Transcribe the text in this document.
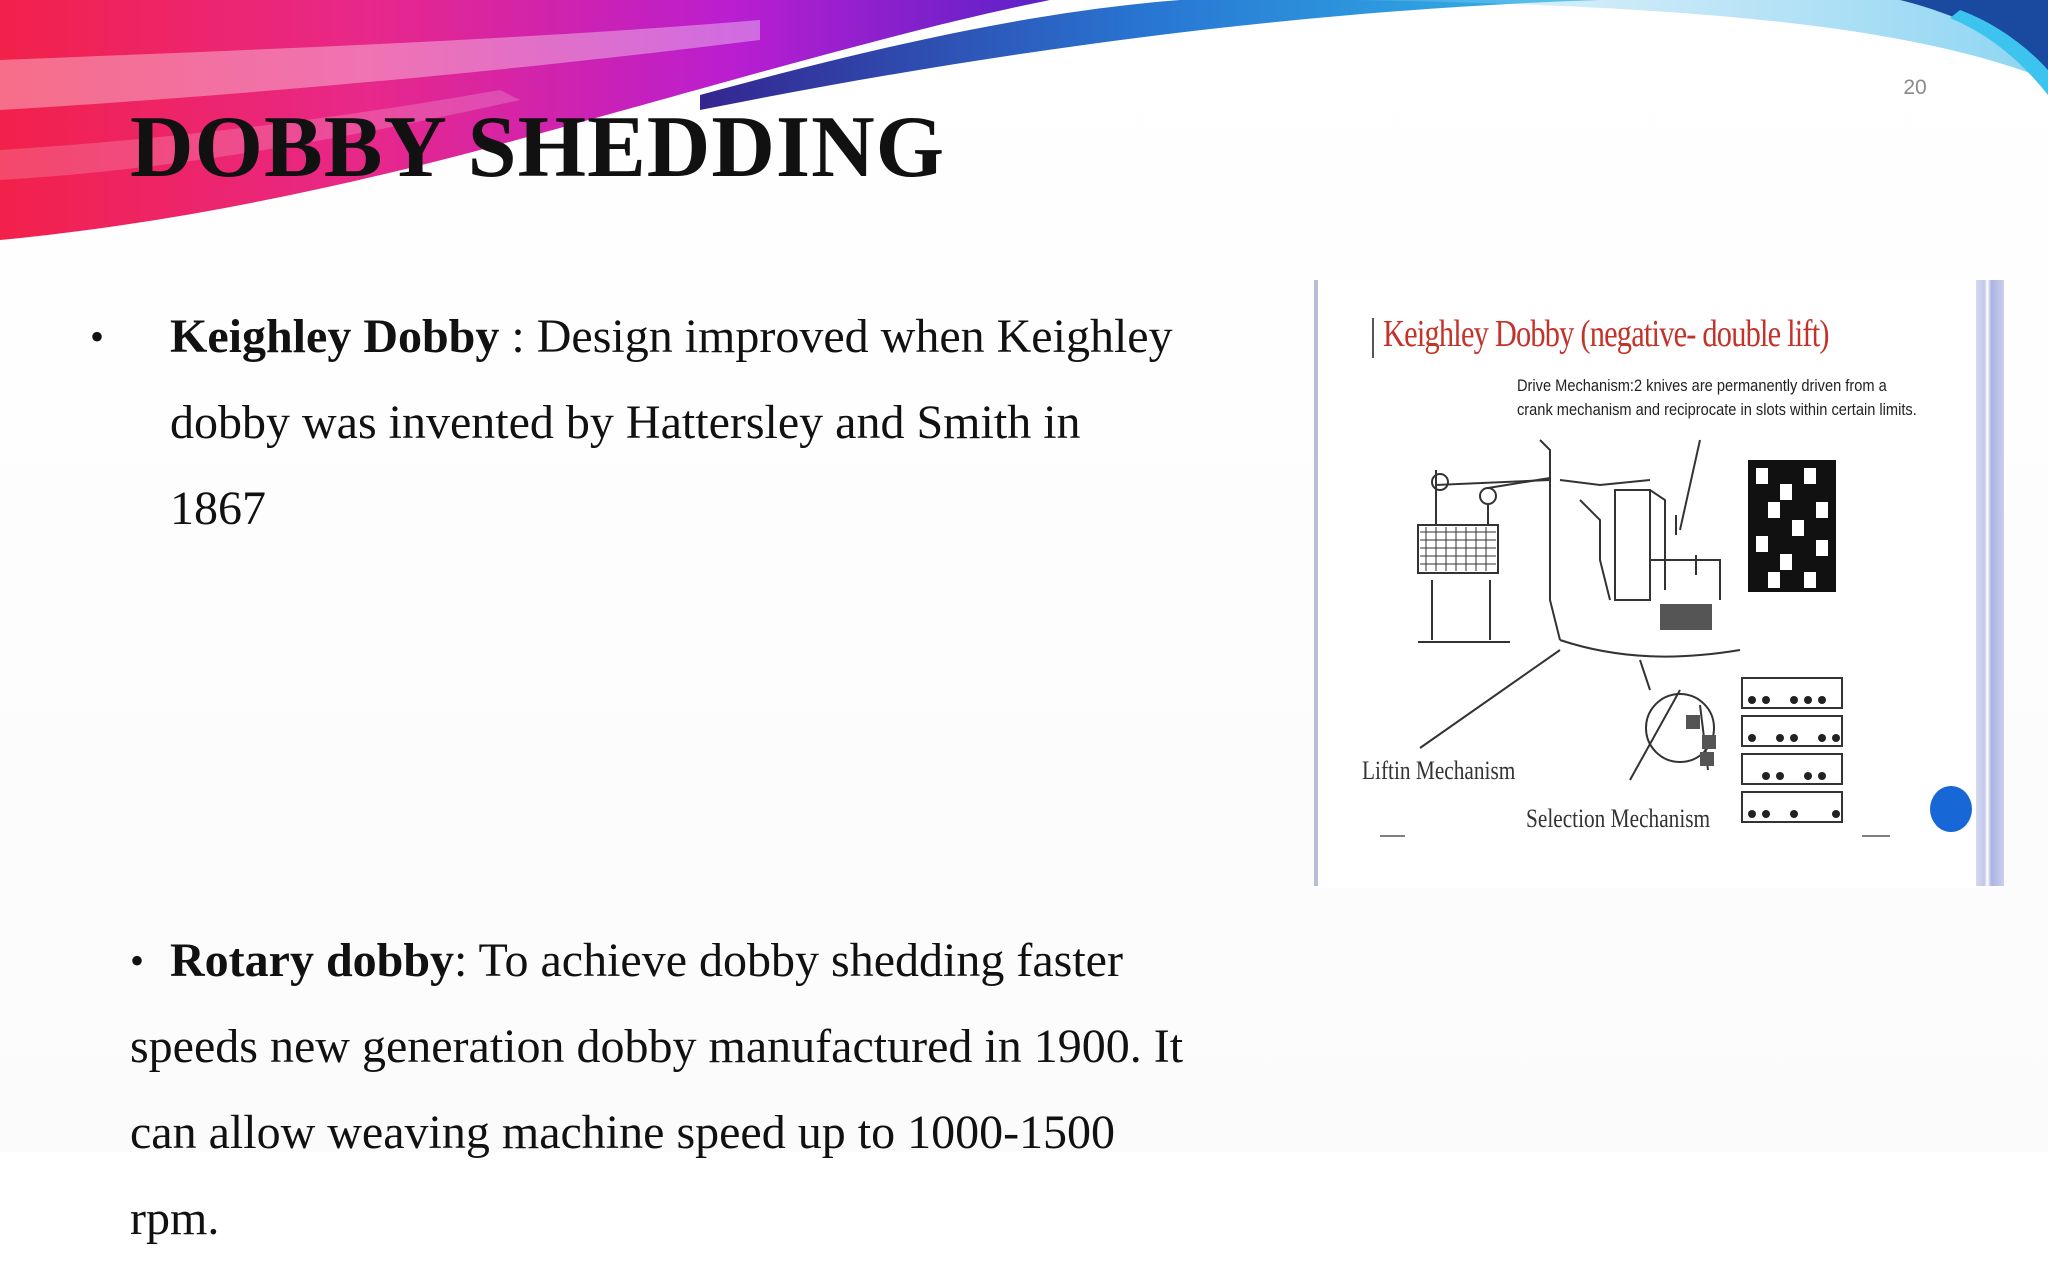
20
DOBBY SHEDDING
• Keighley Dobby : Design improved when Keighley
dobby was invented by Hattersley and Smith in
1867
• Rotary dobby: To achieve dobby shedding faster
speeds new generation dobby manufactured in 1900. It
can allow weaving machine speed up to 1000-1500
rpm.
Keighley Dobby (negative- double lift)
Drive Mechanism:2 knives are permanently driven from a crank mechanism and reciprocate in slots within certain limits.
Liftin Mechanism
Selection Mechanism
